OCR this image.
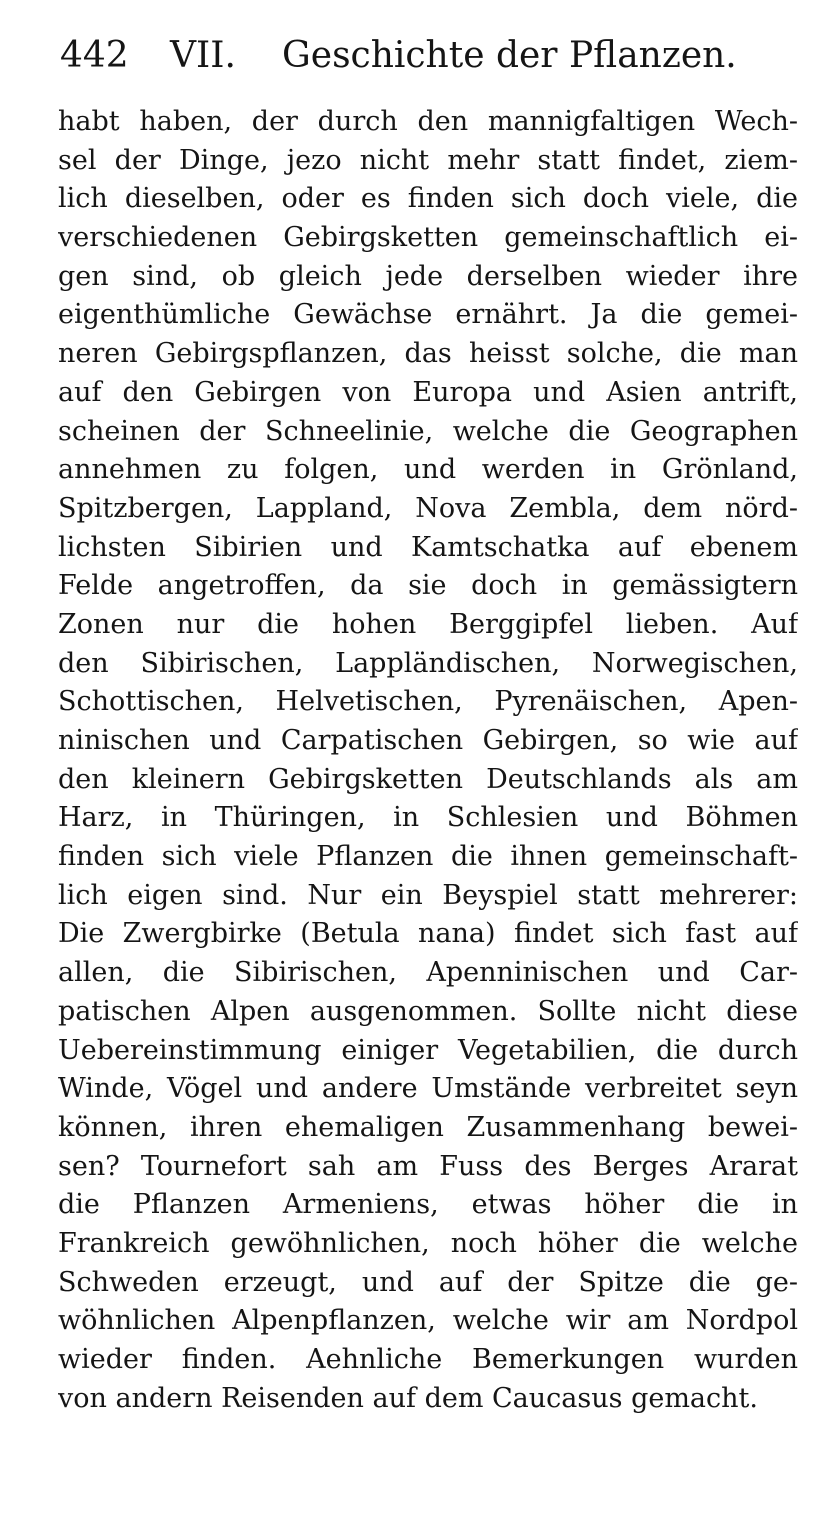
442 VII. Geschichte der Pflanzen.
habt haben, der durch den mannigfaltigen Wech-
sel der Dinge, jezo nicht mehr statt findet, ziem-
lich dieselben, oder es finden sich doch viele, die
verschiedenen Gebirgsketten gemeinschaftlich ei-
gen sind, ob gleich jede derselben wieder ihre
eigenthümliche Gewächse ernährt. Ja die gemei-
neren Gebirgspflanzen, das heisst solche, die man
auf den Gebirgen von Europa und Asien antrift,
scheinen der Schneelinie, welche die Geographen
annehmen zu folgen, und werden in Grönland,
Spitzbergen, Lappland, Nova Zembla, dem nörd-
lichsten Sibirien und Kamtschatka auf ebenem
Felde angetroffen, da sie doch in gemässigtern
Zonen nur die hohen Berggipfel lieben. Auf
den Sibirischen, Lappländischen, Norwegischen,
Schottischen, Helvetischen, Pyrenäischen, Apen-
ninischen und Carpatischen Gebirgen, so wie auf
den kleinern Gebirgsketten Deutschlands als am
Harz, in Thüringen, in Schlesien und Böhmen
finden sich viele Pflanzen die ihnen gemeinschaft-
lich eigen sind. Nur ein Beyspiel statt mehrerer:
Die Zwergbirke (Betula nana) findet sich fast auf
allen, die Sibirischen, Apenninischen und Car-
patischen Alpen ausgenommen. Sollte nicht diese
Uebereinstimmung einiger Vegetabilien, die durch
Winde, Vögel und andere Umstände verbreitet seyn
können, ihren ehemaligen Zusammenhang bewei-
sen? Tournefort sah am Fuss des Berges Ararat
die Pflanzen Armeniens, etwas höher die in
Frankreich gewöhnlichen, noch höher die welche
Schweden erzeugt, und auf der Spitze die ge-
wöhnlichen Alpenpflanzen, welche wir am Nordpol
wieder finden. Aehnliche Bemerkungen wurden
von andern Reisenden auf dem Caucasus gemacht.
